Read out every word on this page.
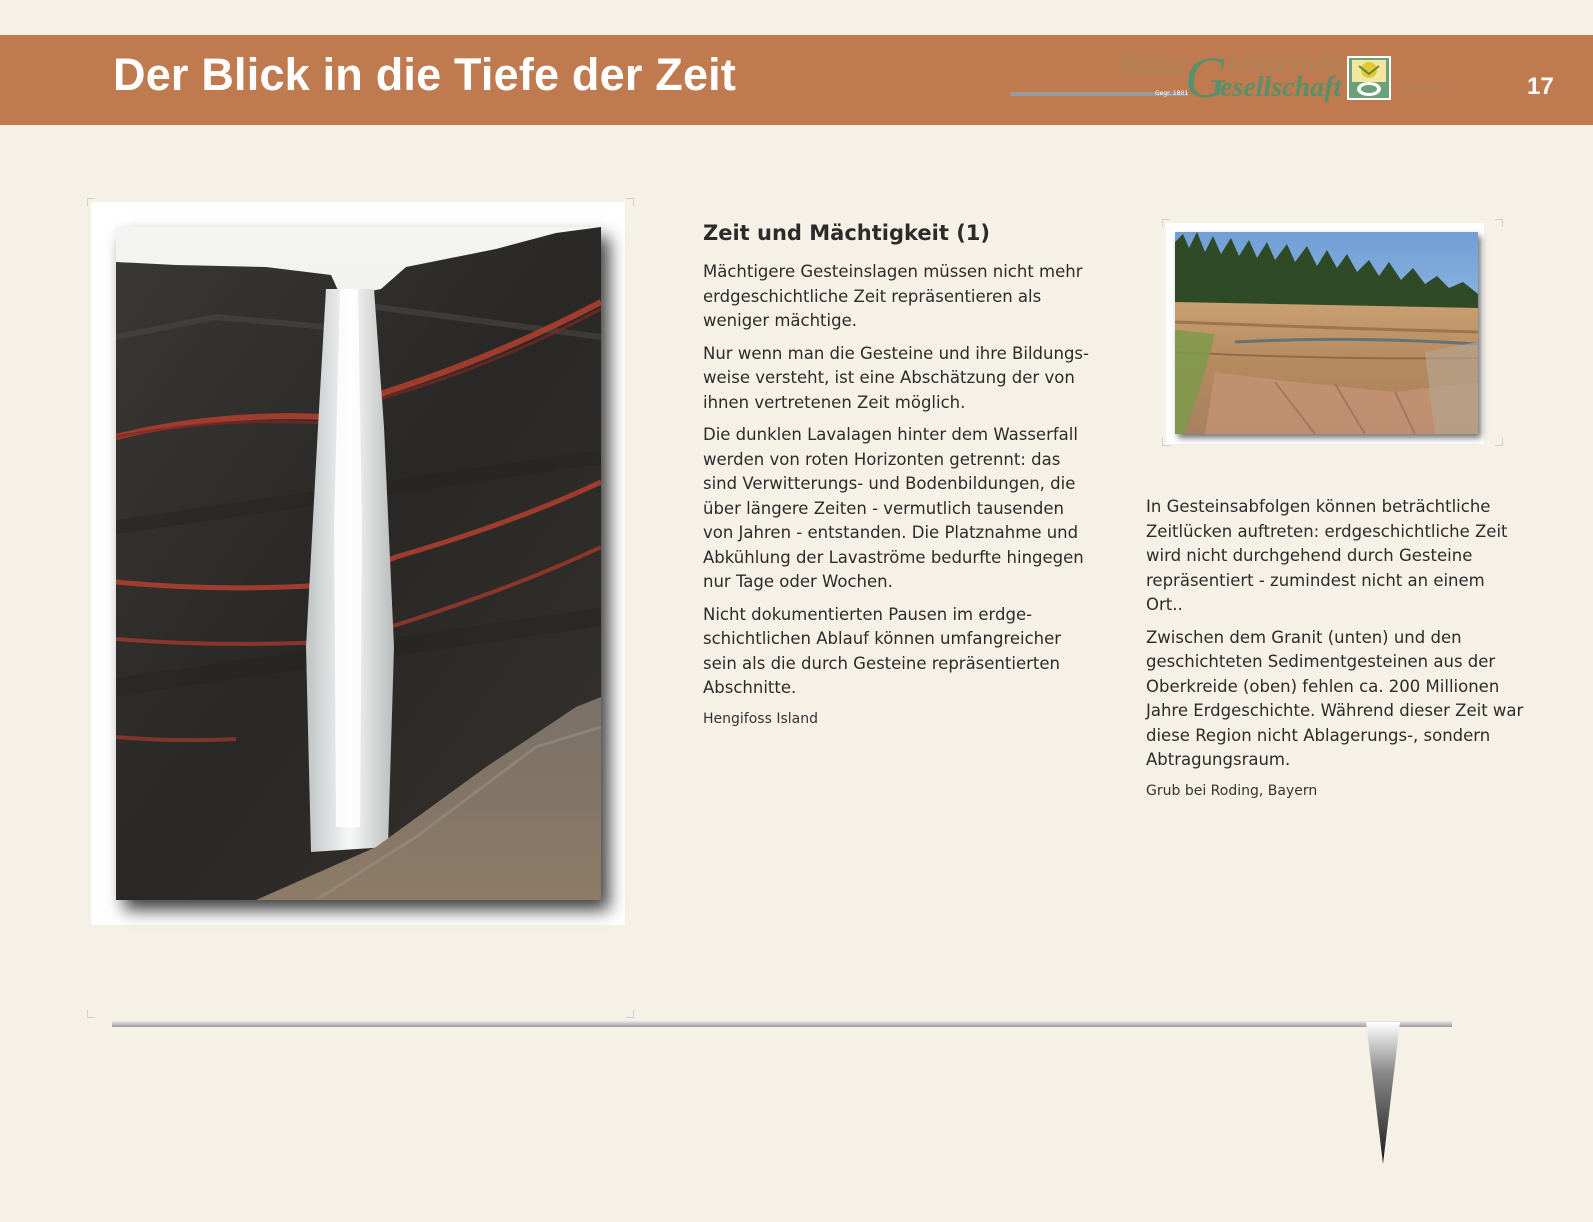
Der Blick in die Tiefe der Zeit	Natur historische
G
esellschaft
Gegr. 1801
Nürnberg	17
Zeit und Mächtigkeit (1)

Mächtigere Gesteinslagen müssen nicht mehr erdgeschichtliche Zeit repräsentieren als weniger mächtige.

Nur wenn man die Gesteine und ihre Bildungs-weise versteht, ist eine Abschätzung der von ihnen vertretenen Zeit möglich.

Die dunklen Lavalagen hinter dem Wasserfall werden von roten Horizonten getrennt: das sind Verwitterungs- und Bodenbildungen, die über längere Zeiten - vermutlich tausenden von Jahren - entstanden. Die Platznahme und Abkühlung der Lavaströme bedurfte hingegen nur Tage oder Wochen.

Nicht dokumentierten Pausen im erdge-schichtlichen Ablauf können umfangreicher sein als die durch Gesteine repräsentierten Abschnitte.

Hengifoss Island

In Gesteinsabfolgen können beträchtliche Zeitlücken auftreten: erdgeschichtliche Zeit wird nicht durchgehend durch Gesteine repräsentiert - zumindest nicht an einem Ort..

Zwischen dem Granit (unten) und den geschichteten Sedimentgesteinen aus der Oberkreide (oben) fehlen ca. 200 Millionen Jahre Erdgeschichte. Während dieser Zeit war diese Region nicht Ablagerungs-, sondern Abtragungsraum.

Grub bei Roding, Bayern
